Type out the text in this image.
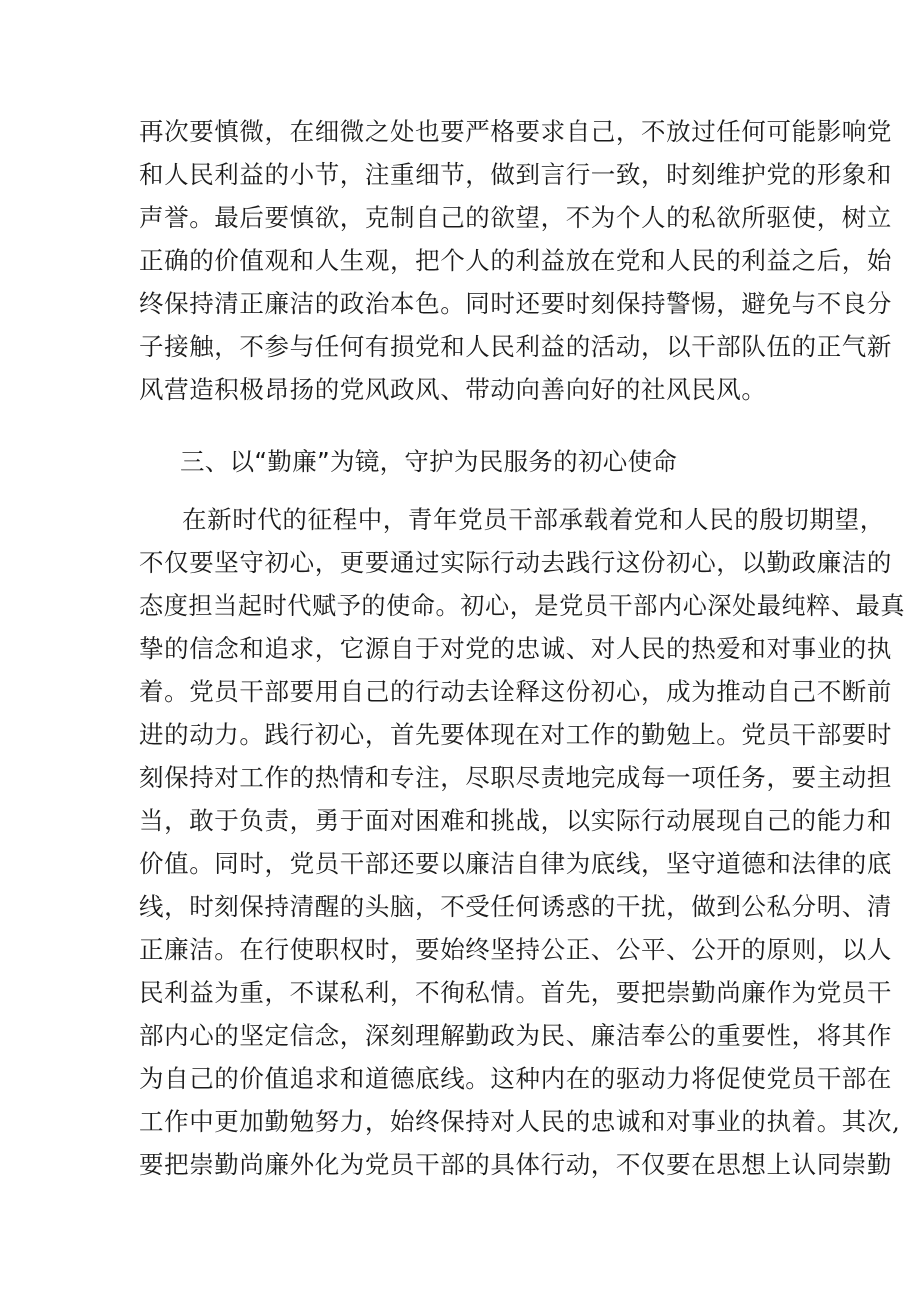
再次要慎微，在细微之处也要严格要求自己，不放过任何可能影响党
和人民利益的小节，注重细节，做到言行一致，时刻维护党的形象和
声誉。最后要慎欲，克制自己的欲望，不为个人的私欲所驱使，树立
正确的价值观和人生观，把个人的利益放在党和人民的利益之后，始
终保持清正廉洁的政治本色。同时还要时刻保持警惕，避免与不良分
子接触，不参与任何有损党和人民利益的活动，以干部队伍的正气新
风营造积极昂扬的党风政风、带动向善向好的社风民风。
三、以“勤廉”为镜，守护为民服务的初心使命
在新时代的征程中，青年党员干部承载着党和人民的殷切期望，
不仅要坚守初心，更要通过实际行动去践行这份初心，以勤政廉洁的
态度担当起时代赋予的使命。初心，是党员干部内心深处最纯粹、最真
挚的信念和追求，它源自于对党的忠诚、对人民的热爱和对事业的执
着。党员干部要用自己的行动去诠释这份初心，成为推动自己不断前
进的动力。践行初心，首先要体现在对工作的勤勉上。党员干部要时
刻保持对工作的热情和专注，尽职尽责地完成每一项任务，要主动担
当，敢于负责，勇于面对困难和挑战，以实际行动展现自己的能力和
价值。同时，党员干部还要以廉洁自律为底线，坚守道德和法律的底
线，时刻保持清醒的头脑，不受任何诱惑的干扰，做到公私分明、清
正廉洁。在行使职权时，要始终坚持公正、公平、公开的原则，以人
民利益为重，不谋私利，不徇私情。首先，要把崇勤尚廉作为党员干
部内心的坚定信念，深刻理解勤政为民、廉洁奉公的重要性，将其作
为自己的价值追求和道德底线。这种内在的驱动力将促使党员干部在
工作中更加勤勉努力，始终保持对人民的忠诚和对事业的执着。其次,
要把崇勤尚廉外化为党员干部的具体行动，不仅要在思想上认同崇勤
